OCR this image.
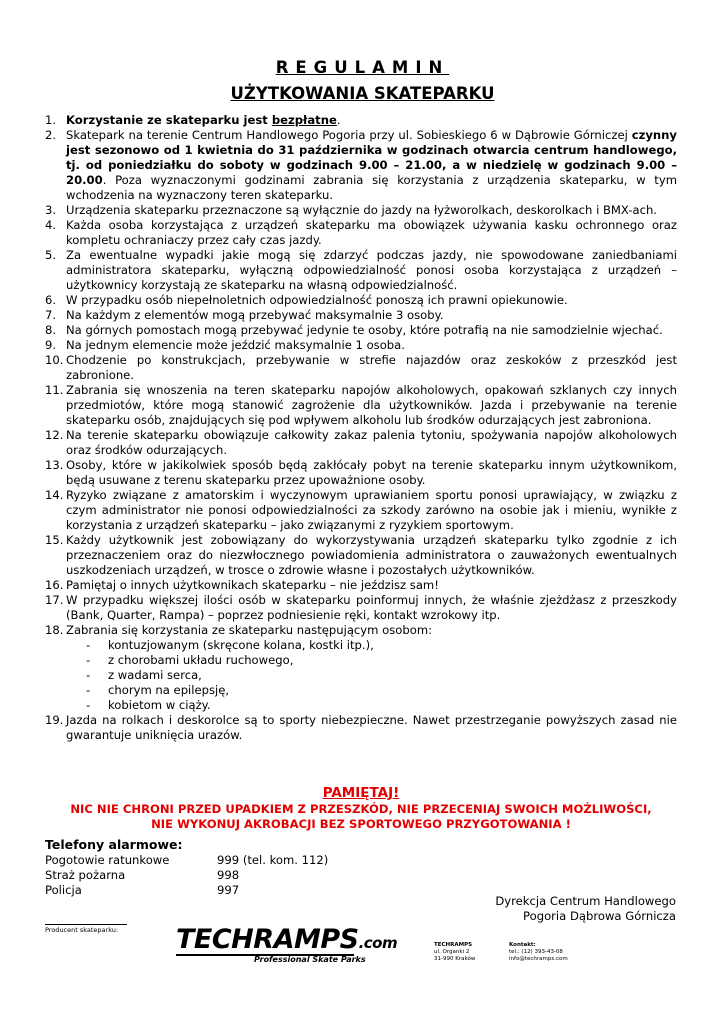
REGULAMIN
UŻYTKOWANIA SKATEPARKU
1. Korzystanie ze skateparku jest bezpłatne.
2. Skatepark na terenie Centrum Handlowego Pogoria przy ul. Sobieskiego 6 w Dąbrowie Górniczej czynny jest sezonowo od 1 kwietnia do 31 października w godzinach otwarcia centrum handlowego, tj. od poniedziałku do soboty w godzinach 9.00 – 21.00, a w niedzielę w godzinach 9.00 – 20.00. Poza wyznaczonymi godzinami zabrania się korzystania z urządzenia skateparku, w tym wchodzenia na wyznaczony teren skateparku.
3. Urządzenia skateparku przeznaczone są wyłącznie do jazdy na łyżworolkach, deskorolkach i BMX-ach.
4. Każda osoba korzystająca z urządzeń skateparku ma obowiązek używania kasku ochronnego oraz kompletu ochraniaczy przez cały czas jazdy.
5. Za ewentualne wypadki jakie mogą się zdarzyć podczas jazdy, nie spowodowane zaniedbaniami administratora skateparku, wyłączną odpowiedzialność ponosi osoba korzystająca z urządzeń – użytkownicy korzystają ze skateparku na własną odpowiedzialność.
6. W przypadku osób niepełnoletnich odpowiedzialność ponoszą ich prawni opiekunowie.
7. Na każdym z elementów mogą przebywać maksymalnie 3 osoby.
8. Na górnych pomostach mogą przebywać jedynie te osoby, które potrafią na nie samodzielnie wjechać.
9. Na jednym elemencie może jeździć maksymalnie 1 osoba.
10. Chodzenie po konstrukcjach, przebywanie w strefie najazdów oraz zeskoków z przeszkód jest zabronione.
11. Zabrania się wnoszenia na teren skateparku napojów alkoholowych, opakowań szklanych czy innych przedmiotów, które mogą stanowić zagrożenie dla użytkowników. Jazda i przebywanie na terenie skateparku osób, znajdujących się pod wpływem alkoholu lub środków odurzających jest zabroniona.
12. Na terenie skateparku obowiązuje całkowity zakaz palenia tytoniu, spożywania napojów alkoholowych oraz środków odurzających.
13. Osoby, które w jakikolwiek sposób będą zakłócały pobyt na terenie skateparku innym użytkownikom, będą usuwane z terenu skateparku przez upoważnione osoby.
14. Ryzyko związane z amatorskim i wyczynowym uprawianiem sportu ponosi uprawiający, w związku z czym administrator nie ponosi odpowiedzialności za szkody zarówno na osobie jak i mieniu, wynikłe z korzystania z urządzeń skateparku – jako związanymi z ryzykiem sportowym.
15. Każdy użytkownik jest zobowiązany do wykorzystywania urządzeń skateparku tylko zgodnie z ich przeznaczeniem oraz do niezwłocznego powiadomienia administratora o zauważonych ewentualnych uszkodzeniach urządzeń, w trosce o zdrowie własne i pozostałych użytkowników.
16. Pamiętaj o innych użytkownikach skateparku – nie jeździsz sam!
17. W przypadku większej ilości osób w skateparku poinformuj innych, że właśnie zjeżdżasz z przeszkody (Bank, Quarter, Rampa) – poprzez podniesienie ręki, kontakt wzrokowy itp.
18. Zabrania się korzystania ze skateparku następującym osobom:
-	kontuzjowanym (skręcone kolana, kostki itp.),
-	z chorobami układu ruchowego,
-	z wadami serca,
-	chorym na epilepsję,
-	kobietom w ciąży.
19. Jazda na rolkach i deskorolce są to sporty niebezpieczne. Nawet przestrzeganie powyższych zasad nie gwarantuje uniknięcia urazów.
PAMIĘTAJ!
NIC NIE CHRONI PRZED UPADKIEM Z PRZESZKÓD, NIE PRZECENIAJ SWOICH MOŻLIWOŚCI,
NIE WYKONUJ AKROBACJI BEZ SPORTOWEGO PRZYGOTOWANIA !
Telefony alarmowe:
Pogotowie ratunkowe	999 (tel. kom. 112)
Straż pożarna	998
Policja	997
Dyrekcja Centrum Handlowego
Pogoria Dąbrowa Górnicza
Producent skateparku: TECHRAMPS.com
Professional Skate Parks
TECHRAMPS
ul. Organki 2
31-990 Kraków
Kontakt:
tel.: (12) 393-43-08
info@techramps.com
